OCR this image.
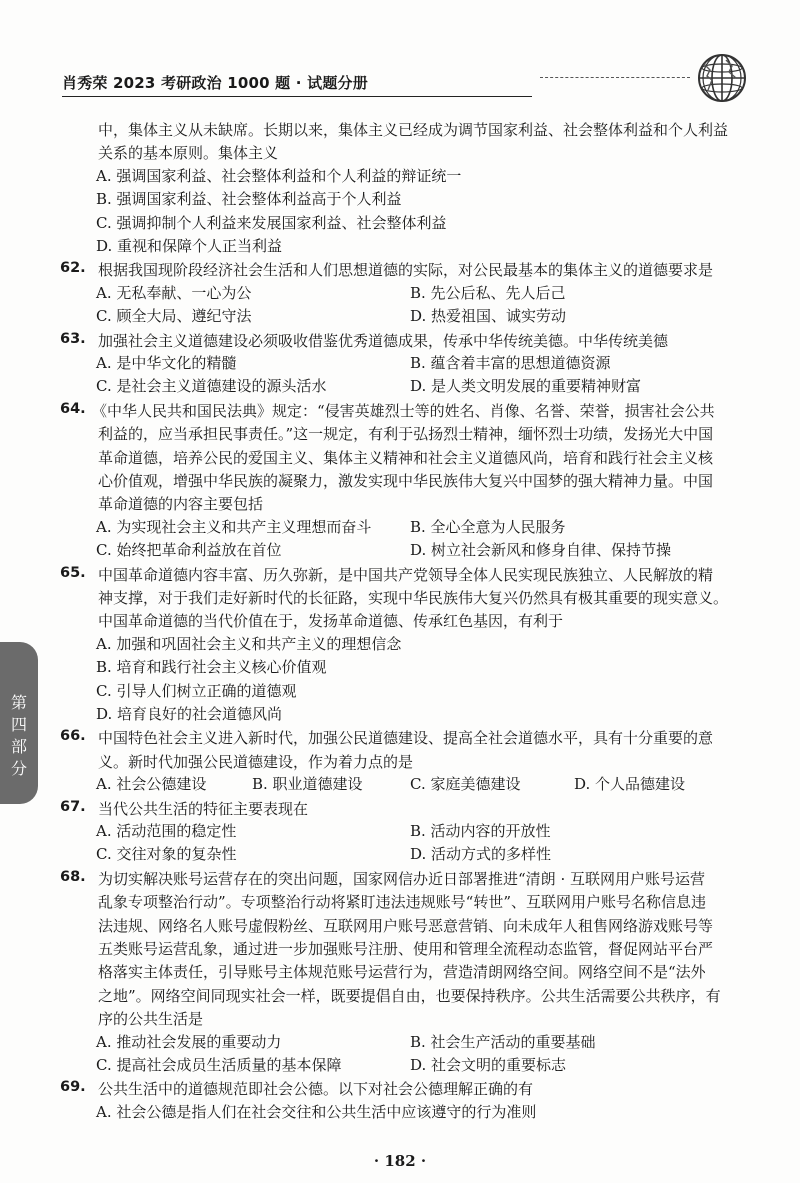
肖秀荣 2023 考研政治 1000 题 · 试题分册
中，集体主义从未缺席。长期以来，集体主义已经成为调节国家利益、社会整体利益和个人利益
关系的基本原则。集体主义
A. 强调国家利益、社会整体利益和个人利益的辩证统一
B. 强调国家利益、社会整体利益高于个人利益
C. 强调抑制个人利益来发展国家利益、社会整体利益
D. 重视和保障个人正当利益
62. 根据我国现阶段经济社会生活和人们思想道德的实际，对公民最基本的集体主义的道德要求是
A. 无私奉献、一心为公	B. 先公后私、先人后己
C. 顾全大局、遵纪守法	D. 热爱祖国、诚实劳动
63. 加强社会主义道德建设必须吸收借鉴优秀道德成果，传承中华传统美德。中华传统美德
A. 是中华文化的精髓	B. 蕴含着丰富的思想道德资源
C. 是社会主义道德建设的源头活水	D. 是人类文明发展的重要精神财富
64. 《中华人民共和国民法典》规定：“侵害英雄烈士等的姓名、肖像、名誉、荣誉，损害社会公共
利益的，应当承担民事责任。”这一规定，有利于弘扬烈士精神，缅怀烈士功绩，发扬光大中国
革命道德，培养公民的爱国主义、集体主义精神和社会主义道德风尚，培育和践行社会主义核
心价值观，增强中华民族的凝聚力，激发实现中华民族伟大复兴中国梦的强大精神力量。中国
革命道德的内容主要包括
A. 为实现社会主义和共产主义理想而奋斗	B. 全心全意为人民服务
C. 始终把革命利益放在首位	D. 树立社会新风和修身自律、保持节操
65. 中国革命道德内容丰富、历久弥新，是中国共产党领导全体人民实现民族独立、人民解放的精
神支撑，对于我们走好新时代的长征路，实现中华民族伟大复兴仍然具有极其重要的现实意义。
中国革命道德的当代价值在于，发扬革命道德、传承红色基因，有利于
A. 加强和巩固社会主义和共产主义的理想信念
B. 培育和践行社会主义核心价值观
C. 引导人们树立正确的道德观
D. 培育良好的社会道德风尚
66. 中国特色社会主义进入新时代，加强公民道德建设、提高全社会道德水平，具有十分重要的意
义。新时代加强公民道德建设，作为着力点的是
A. 社会公德建设	B. 职业道德建设	C. 家庭美德建设	D. 个人品德建设
67. 当代公共生活的特征主要表现在
A. 活动范围的稳定性	B. 活动内容的开放性
C. 交往对象的复杂性	D. 活动方式的多样性
68. 为切实解决账号运营存在的突出问题，国家网信办近日部署推进“清朗 · 互联网用户账号运营
乱象专项整治行动”。专项整治行动将紧盯违法违规账号“转世”、互联网用户账号名称信息违
法违规、网络名人账号虚假粉丝、互联网用户账号恶意营销、向未成年人租售网络游戏账号等
五类账号运营乱象，通过进一步加强账号注册、使用和管理全流程动态监管，督促网站平台严
格落实主体责任，引导账号主体规范账号运营行为，营造清朗网络空间。网络空间不是“法外
之地”。网络空间同现实社会一样，既要提倡自由，也要保持秩序。公共生活需要公共秩序，有
序的公共生活是
A. 推动社会发展的重要动力	B. 社会生产活动的重要基础
C. 提高社会成员生活质量的基本保障	D. 社会文明的重要标志
69. 公共生活中的道德规范即社会公德。以下对社会公德理解正确的有
A. 社会公德是指人们在社会交往和公共生活中应该遵守的行为准则
第四部分
· 182 ·
